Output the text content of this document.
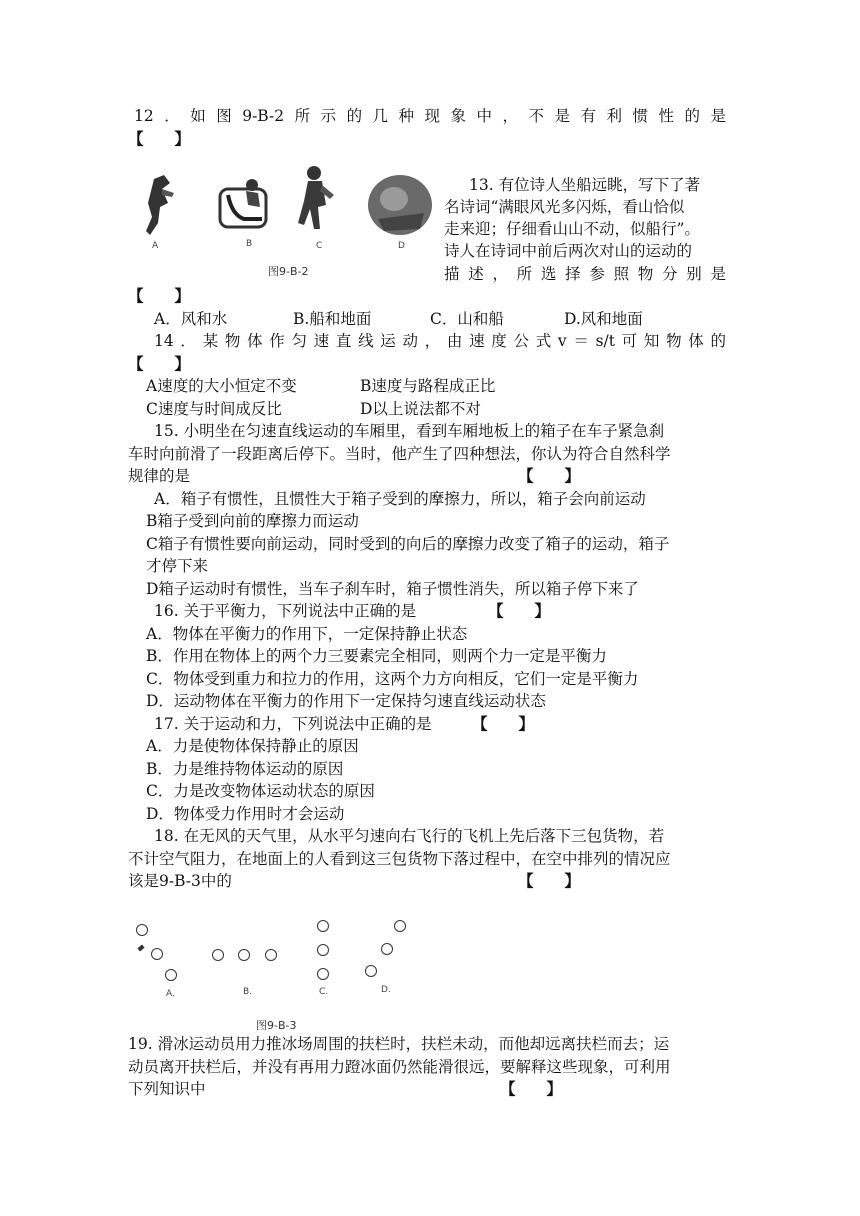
12．如图9-B-2所示的几种现象中，不是有利惯性的是
【　　】
A	B	C	D
图9-B-2
13. 有位诗人坐船远眺，写下了著
名诗词“满眼风光多闪烁，看山恰似
走来迎；仔细看山山不动，似船行”。
诗人在诗词中前后两次对山的运动的
描述，所选择参照物分别是
【　　】
A．风和水	B.船和地面	C．山和船	D.风和地面
14．某物体作匀速直线运动，由速度公式v＝s/t可知物体的
【　　】
A速度的大小恒定不变	B速度与路程成正比
C速度与时间成反比	D以上说法都不对
15. 小明坐在匀速直线运动的车厢里，看到车厢地板上的箱子在车子紧急刹
车时向前滑了一段距离后停下。当时，他产生了四种想法，你认为符合自然科学
规律的是	【　　】
A．箱子有惯性，且惯性大于箱子受到的摩擦力，所以，箱子会向前运动
B箱子受到向前的摩擦力而运动
C箱子有惯性要向前运动，同时受到的向后的摩擦力改变了箱子的运动，箱子
才停下来
D箱子运动时有惯性，当车子刹车时，箱子惯性消失，所以箱子停下来了
16. 关于平衡力，下列说法中正确的是	【　　】
A．物体在平衡力的作用下，一定保持静止状态
B．作用在物体上的两个力三要素完全相同，则两个力一定是平衡力
C．物体受到重力和拉力的作用，这两个力方向相反，它们一定是平衡力
D．运动物体在平衡力的作用下一定保持匀速直线运动状态
17. 关于运动和力，下列说法中正确的是	【　　】
A．力是使物体保持静止的原因
B．力是维持物体运动的原因
C．力是改变物体运动状态的原因
D．物体受力作用时才会运动
18. 在无风的天气里，从水平匀速向右飞行的飞机上先后落下三包货物，若
不计空气阻力，在地面上的人看到这三包货物下落过程中，在空中排列的情况应
该是9-B-3中的	【　　】
A.	B.	C.	D.
图9-B-3
19. 滑冰运动员用力推冰场周围的扶栏时，扶栏未动，而他却远离扶栏而去；运
动员离开扶栏后，并没有再用力蹬冰面仍然能滑很远，要解释这些现象，可利用
下列知识中	【　　】
